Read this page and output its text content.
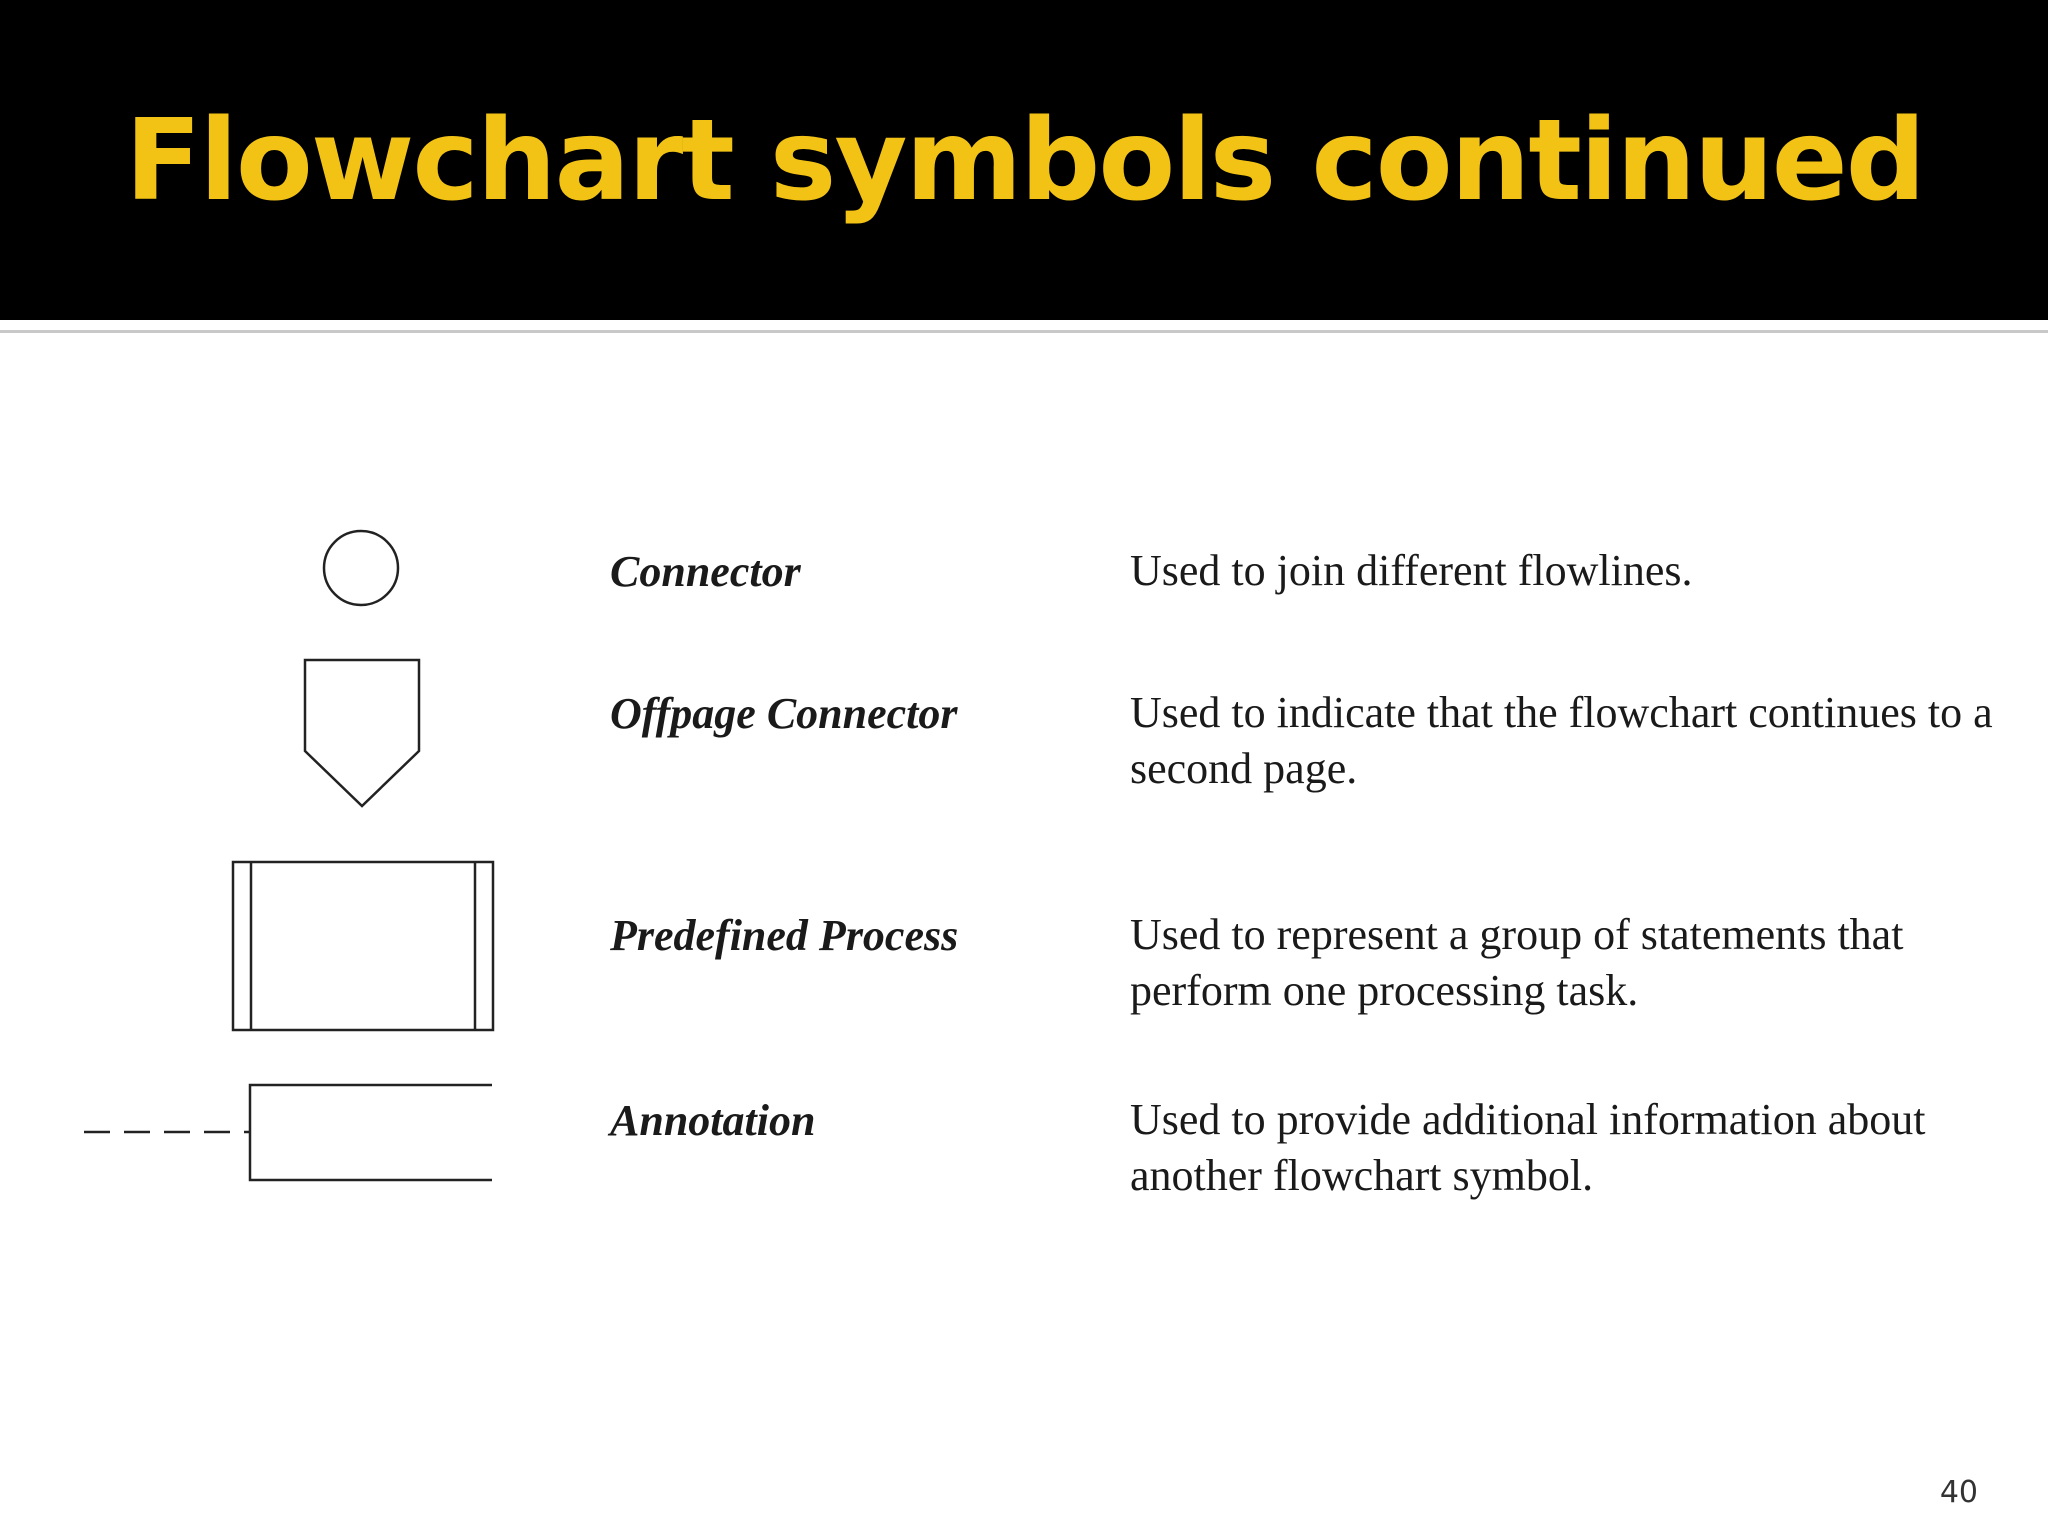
Flowchart symbols continued
Connector	Used to join different flowlines.
Offpage Connector	Used to indicate that the flowchart continues to a second page.
Predefined Process	Used to represent a group of statements that perform one processing task.
Annotation	Used to provide additional information about another flowchart symbol.
40
